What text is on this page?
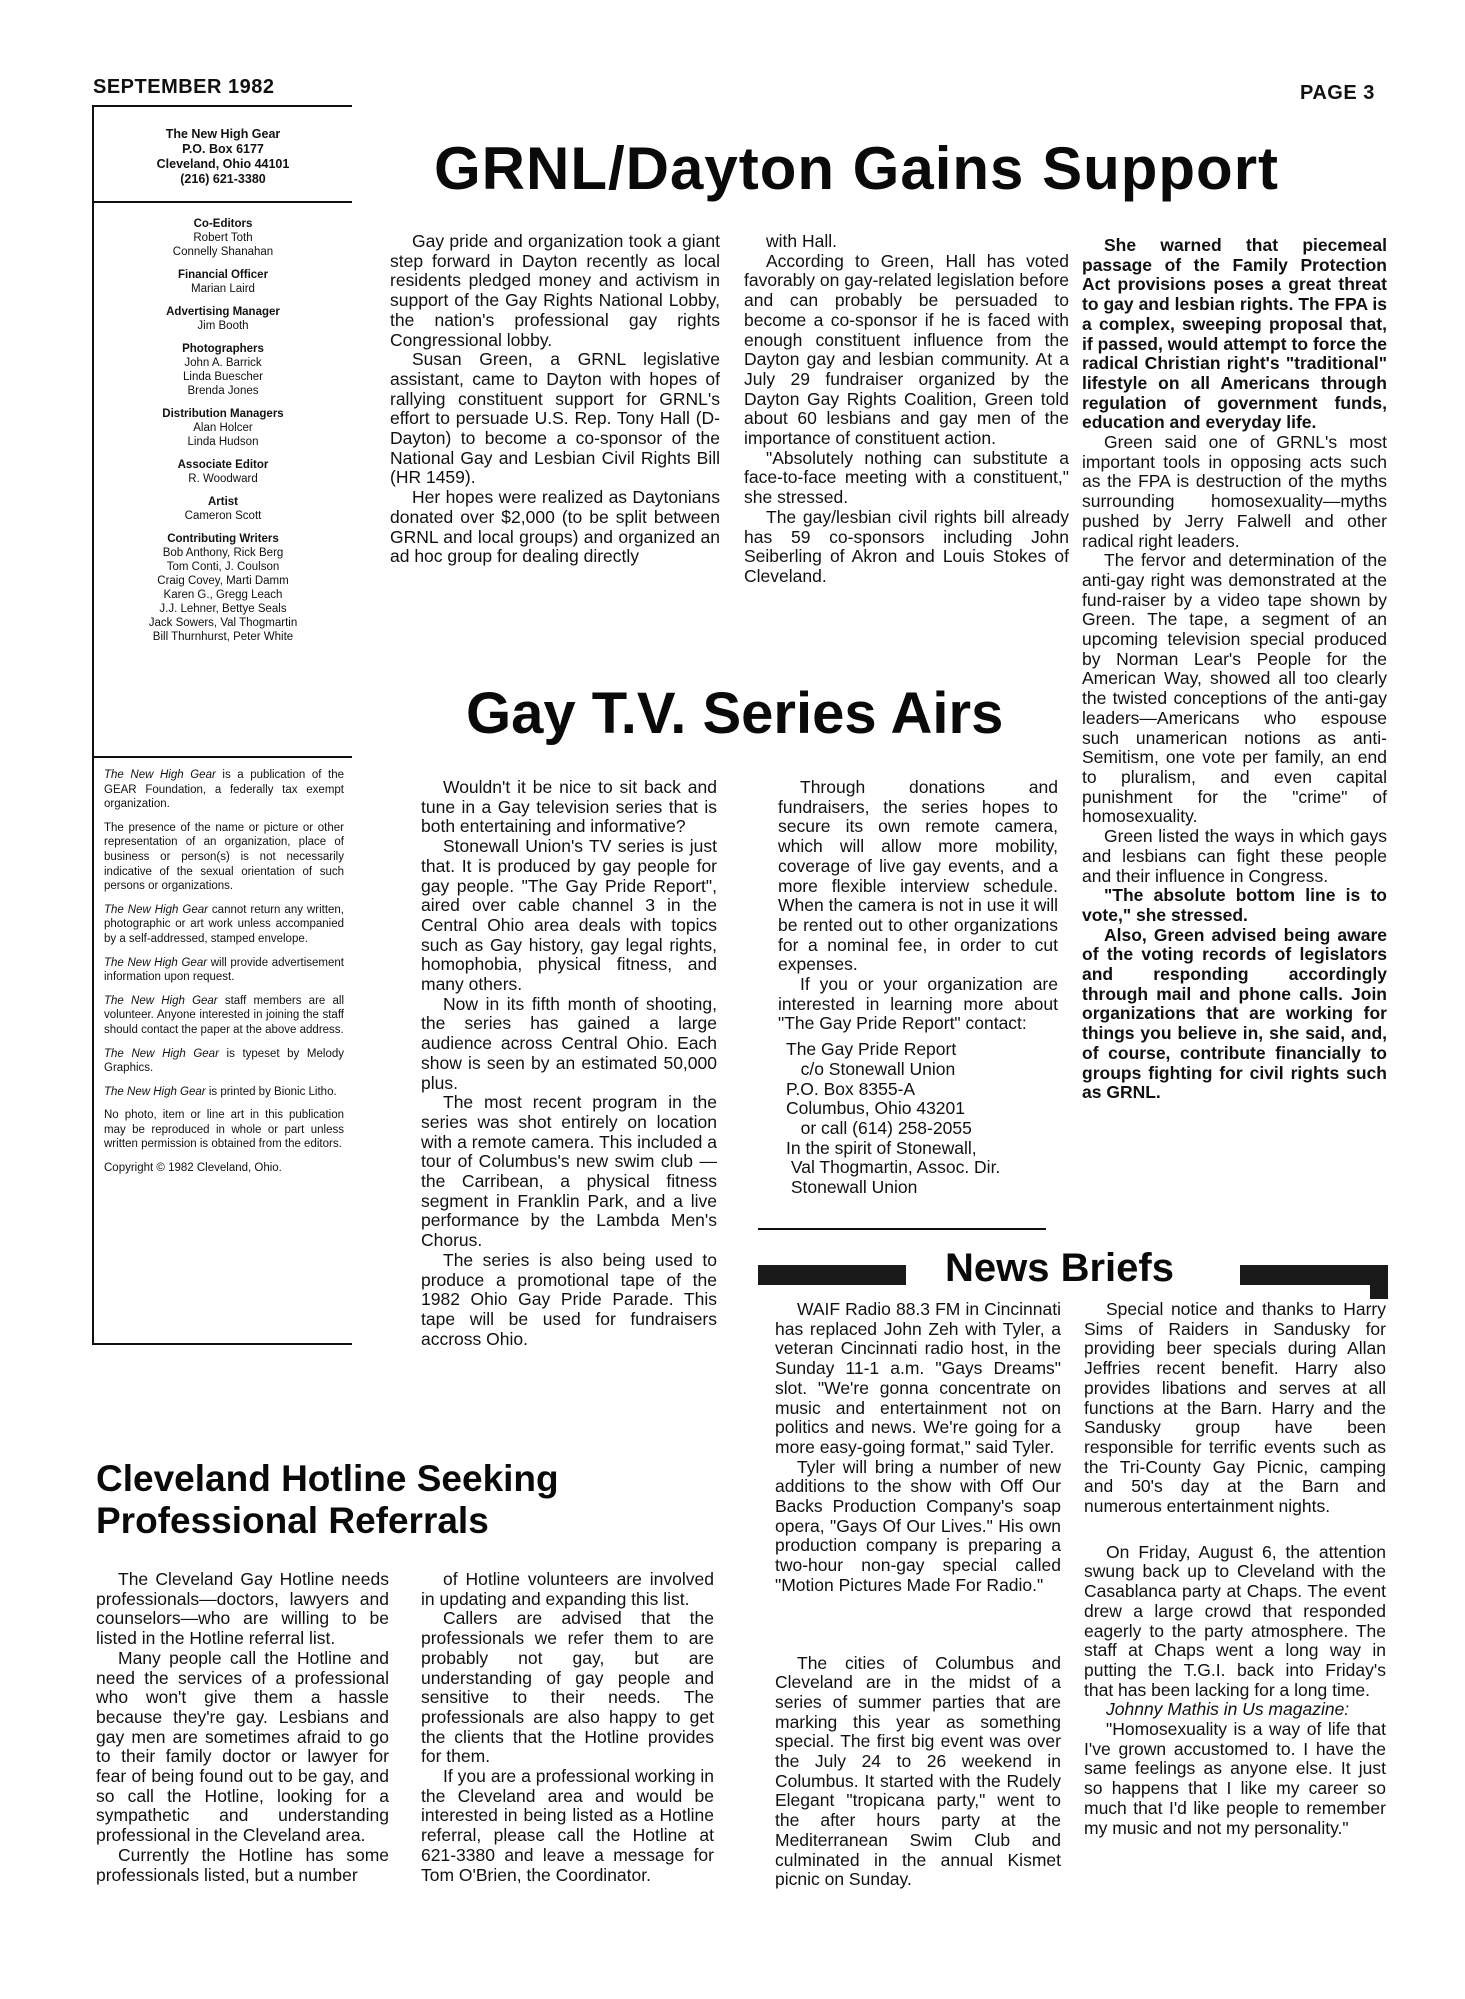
SEPTEMBER 1982	PAGE 3
The New High Gear
P.O. Box 6177
Cleveland, Ohio 44101
(216) 621-3380
Co-Editors
Robert Toth
Connelly Shanahan
Financial Officer
Marian Laird
Advertising Manager
Jim Booth
Photographers
John A. Barrick
Linda Buescher
Brenda Jones
Distribution Managers
Alan Holcer
Linda Hudson
Associate Editor
R. Woodward
Artist
Cameron Scott
Contributing Writers
Bob Anthony, Rick Berg
Tom Conti, J. Coulson
Craig Covey, Marti Damm
Karen G., Gregg Leach
J.J. Lehner, Bettye Seals
Jack Sowers, Val Thogmartin
Bill Thurnhurst, Peter White

The New High Gear is a publication of the GEAR Foundation, a federally tax exempt organization.

The presence of the name or picture or other representation of an organization, place of business or person(s) is not necessarily indicative of the sexual orientation of such persons or organizations.

The New High Gear cannot return any written, photographic or art work unless accompanied by a self-addressed, stamped envelope.

The New High Gear will provide advertisement information upon request.

The New High Gear staff members are all volunteer. Anyone interested in joining the staff should contact the paper at the above address.

The New High Gear is typeset by Melody Graphics.

The New High Gear is printed by Bionic Litho.

No photo, item or line art in this publication may be reproduced in whole or part unless written permission is obtained from the editors.

Copyright © 1982 Cleveland, Ohio.

GRNL/Dayton Gains Support

Gay pride and organization took a giant step forward in Dayton recently as local residents pledged money and activism in support of the Gay Rights National Lobby, the nation's professional gay rights Congressional lobby.

Susan Green, a GRNL legislative assistant, came to Dayton with hopes of rallying constituent support for GRNL's effort to persuade U.S. Rep. Tony Hall (D-Dayton) to become a co-sponsor of the National Gay and Lesbian Civil Rights Bill (HR 1459).

Her hopes were realized as Daytonians donated over $2,000 (to be split between GRNL and local groups) and organized an ad hoc group for dealing directly

with Hall.

According to Green, Hall has voted favorably on gay-related legislation before and can probably be persuaded to become a co-sponsor if he is faced with enough constituent influence from the Dayton gay and lesbian community. At a July 29 fundraiser organized by the Dayton Gay Rights Coalition, Green told about 60 lesbians and gay men of the importance of constituent action.

"Absolutely nothing can substitute a face-to-face meeting with a constituent," she stressed.

The gay/lesbian civil rights bill already has 59 co-sponsors including John Seiberling of Akron and Louis Stokes of Cleveland.

She warned that piecemeal passage of the Family Protection Act provisions poses a great threat to gay and lesbian rights. The FPA is a complex, sweeping proposal that, if passed, would attempt to force the radical Christian right's "traditional" lifestyle on all Americans through regulation of government funds, education and everyday life.

Green said one of GRNL's most important tools in opposing acts such as the FPA is destruction of the myths surrounding homosexuality—myths pushed by Jerry Falwell and other radical right leaders.

The fervor and determination of the anti-gay right was demonstrated at the fund-raiser by a video tape shown by Green. The tape, a segment of an upcoming television special produced by Norman Lear's People for the American Way, showed all too clearly the twisted conceptions of the anti-gay leaders—Americans who espouse such unamerican notions as anti-Semitism, one vote per family, an end to pluralism, and even capital punishment for the "crime" of homosexuality.

Green listed the ways in which gays and lesbians can fight these people and their influence in Congress.

"The absolute bottom line is to vote," she stressed.

Also, Green advised being aware of the voting records of legislators and responding accordingly through mail and phone calls. Join organizations that are working for things you believe in, she said, and, of course, contribute financially to groups fighting for civil rights such as GRNL.

Gay T.V. Series Airs

Wouldn't it be nice to sit back and tune in a Gay television series that is both entertaining and informative?

Stonewall Union's TV series is just that. It is produced by gay people for gay people. "The Gay Pride Report", aired over cable channel 3 in the Central Ohio area deals with topics such as Gay history, gay legal rights, homophobia, physical fitness, and many others.

Now in its fifth month of shooting, the series has gained a large audience across Central Ohio. Each show is seen by an estimated 50,000 plus.

The most recent program in the series was shot entirely on location with a remote camera. This included a tour of Columbus's new swim club — the Carribean, a physical fitness segment in Franklin Park, and a live performance by the Lambda Men's Chorus.

The series is also being used to produce a promotional tape of the 1982 Ohio Gay Pride Parade. This tape will be used for fundraisers accross Ohio.

Through donations and fundraisers, the series hopes to secure its own remote camera, which will allow more mobility, coverage of live gay events, and a more flexible interview schedule. When the camera is not in use it will be rented out to other organizations for a nominal fee, in order to cut expenses.

If you or your organization are interested in learning more about "The Gay Pride Report" contact:

The Gay Pride Report
c/o Stonewall Union
P.O. Box 8355-A
Columbus, Ohio 43201
or call (614) 258-2055
In the spirit of Stonewall,
Val Thogmartin, Assoc. Dir.
Stonewall Union
News Briefs

WAIF Radio 88.3 FM in Cincinnati has replaced John Zeh with Tyler, a veteran Cincinnati radio host, in the Sunday 11-1 a.m. "Gays Dreams" slot. "We're gonna concentrate on music and entertainment not on politics and news. We're going for a more easy-going format," said Tyler.

Tyler will bring a number of new additions to the show with Off Our Backs Production Company's soap opera, "Gays Of Our Lives." His own production company is preparing a two-hour non-gay special called "Motion Pictures Made For Radio."

The cities of Columbus and Cleveland are in the midst of a series of summer parties that are marking this year as something special. The first big event was over the July 24 to 26 weekend in Columbus. It started with the Rudely Elegant "tropicana party," went to the after hours party at the Mediterranean Swim Club and culminated in the annual Kismet picnic on Sunday.

Special notice and thanks to Harry Sims of Raiders in Sandusky for providing beer specials during Allan Jeffries recent benefit. Harry also provides libations and serves at all functions at the Barn. Harry and the Sandusky group have been responsible for terrific events such as the Tri-County Gay Picnic, camping and 50's day at the Barn and numerous entertainment nights.

On Friday, August 6, the attention swung back up to Cleveland with the Casablanca party at Chaps. The event drew a large crowd that responded eagerly to the party atmosphere. The staff at Chaps went a long way in putting the T.G.I. back into Friday's that has been lacking for a long time.

Johnny Mathis in Us magazine:

"Homosexuality is a way of life that I've grown accustomed to. I have the same feelings as anyone else. It just so happens that I like my career so much that I'd like people to remember my music and not my personality."

Cleveland Hotline Seeking
Professional Referrals

The Cleveland Gay Hotline needs professionals—doctors, lawyers and counselors—who are willing to be listed in the Hotline referral list.

Many people call the Hotline and need the services of a professional who won't give them a hassle because they're gay. Lesbians and gay men are sometimes afraid to go to their family doctor or lawyer for fear of being found out to be gay, and so call the Hotline, looking for a sympathetic and understanding professional in the Cleveland area.

Currently the Hotline has some professionals listed, but a number

of Hotline volunteers are involved in updating and expanding this list.

Callers are advised that the professionals we refer them to are probably not gay, but are understanding of gay people and sensitive to their needs. The professionals are also happy to get the clients that the Hotline provides for them.

If you are a professional working in the Cleveland area and would be interested in being listed as a Hotline referral, please call the Hotline at 621-3380 and leave a message for Tom O'Brien, the Coordinator.
